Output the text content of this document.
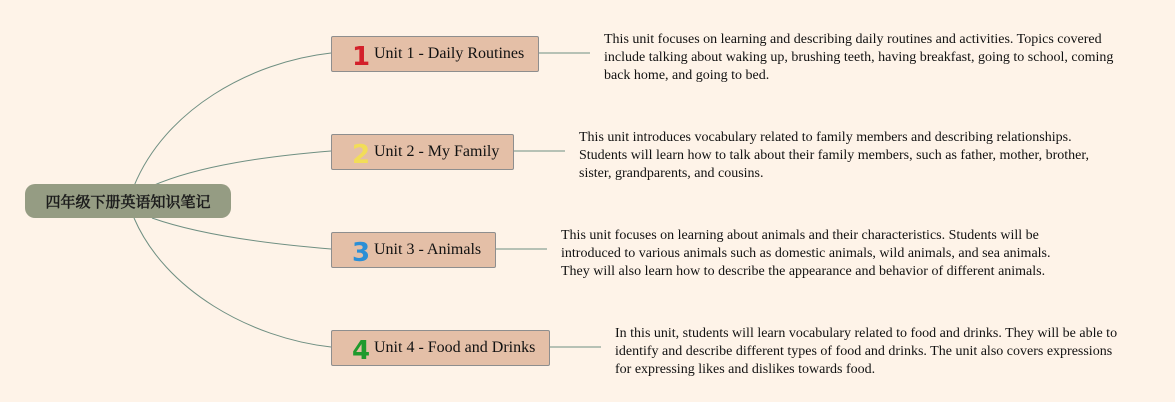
四年级下册英语知识笔记
1 Unit 1 - Daily Routines
This unit focuses on learning and describing daily routines and activities. Topics covered include talking about waking up, brushing teeth, having breakfast, going to school, coming back home, and going to bed.
2 Unit 2 - My Family
This unit introduces vocabulary related to family members and describing relationships. Students will learn how to talk about their family members, such as father, mother, brother, sister, grandparents, and cousins.
3 Unit 3 - Animals
This unit focuses on learning about animals and their characteristics. Students will be introduced to various animals such as domestic animals, wild animals, and sea animals. They will also learn how to describe the appearance and behavior of different animals.
4 Unit 4 - Food and Drinks
In this unit, students will learn vocabulary related to food and drinks. They will be able to identify and describe different types of food and drinks. The unit also covers expressions for expressing likes and dislikes towards food.
